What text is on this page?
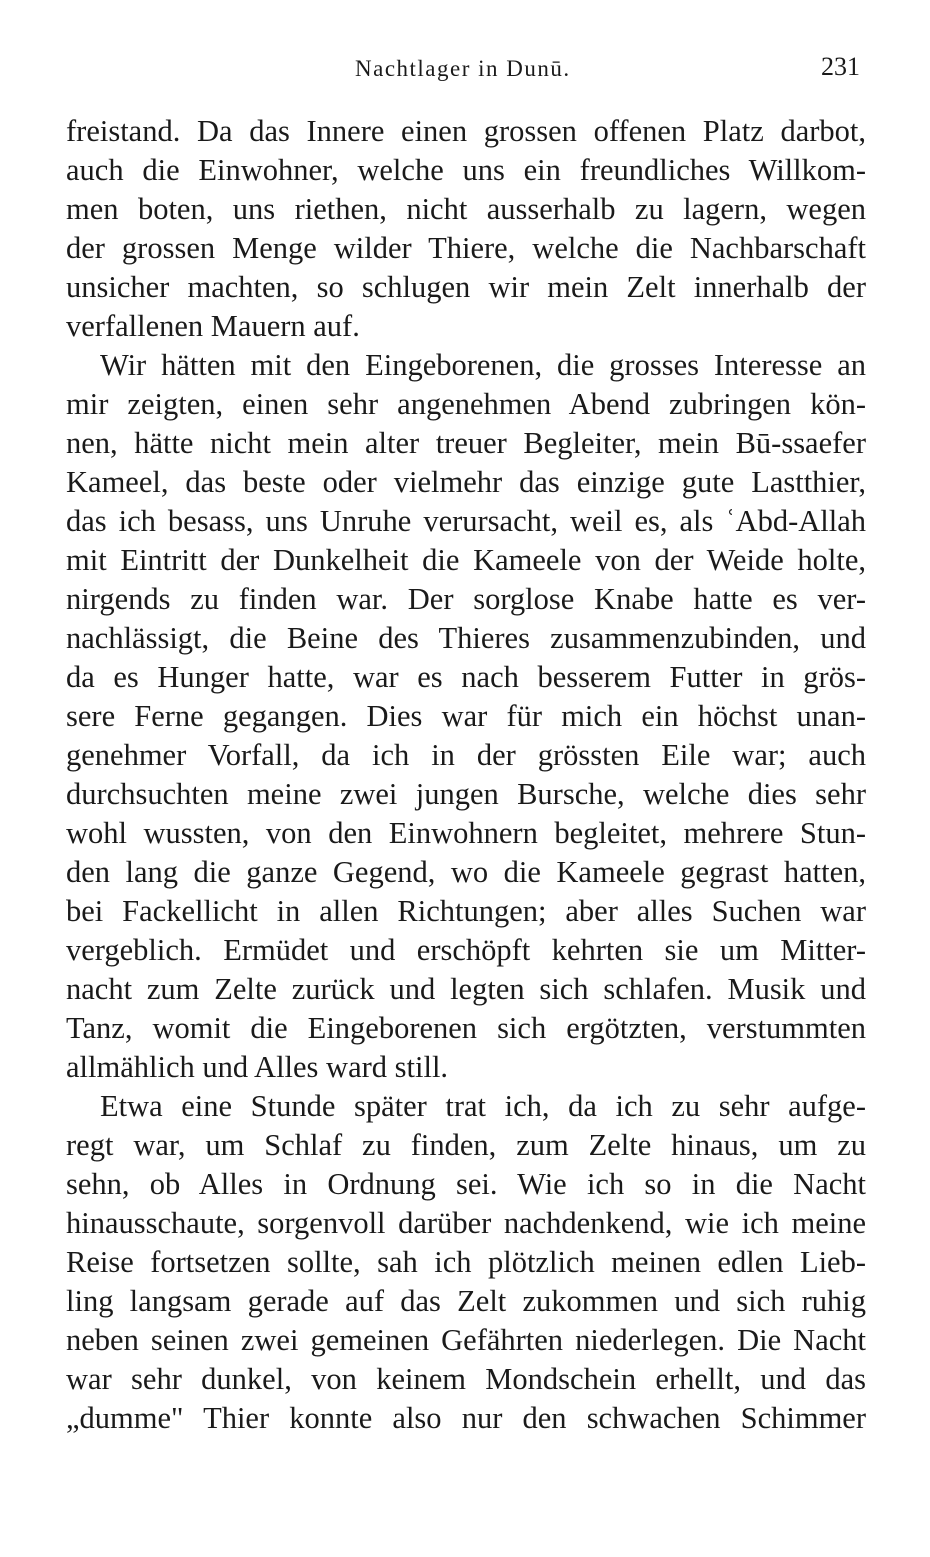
Nachtlager in Dunū.	231
freistand. Da das Innere einen grossen offenen Platz darbot,
auch die Einwohner, welche uns ein freundliches Willkom-
men boten, uns riethen, nicht ausserhalb zu lagern, wegen
der grossen Menge wilder Thiere, welche die Nachbarschaft
unsicher machten, so schlugen wir mein Zelt innerhalb der
verfallenen Mauern auf.
Wir hätten mit den Eingeborenen, die grosses Interesse an
mir zeigten, einen sehr angenehmen Abend zubringen kön-
nen, hätte nicht mein alter treuer Begleiter, mein Bū-ssaefer
Kameel, das beste oder vielmehr das einzige gute Lastthier,
das ich besass, uns Unruhe verursacht, weil es, als ʿAbd-Allah
mit Eintritt der Dunkelheit die Kameele von der Weide holte,
nirgends zu finden war. Der sorglose Knabe hatte es ver-
nachlässigt, die Beine des Thieres zusammenzubinden, und
da es Hunger hatte, war es nach besserem Futter in grös-
sere Ferne gegangen. Dies war für mich ein höchst unan-
genehmer Vorfall, da ich in der grössten Eile war; auch
durchsuchten meine zwei jungen Bursche, welche dies sehr
wohl wussten, von den Einwohnern begleitet, mehrere Stun-
den lang die ganze Gegend, wo die Kameele gegrast hatten,
bei Fackellicht in allen Richtungen; aber alles Suchen war
vergeblich. Ermüdet und erschöpft kehrten sie um Mitter-
nacht zum Zelte zurück und legten sich schlafen. Musik und
Tanz, womit die Eingeborenen sich ergötzten, verstummten
allmählich und Alles ward still.
Etwa eine Stunde später trat ich, da ich zu sehr aufge-
regt war, um Schlaf zu finden, zum Zelte hinaus, um zu
sehn, ob Alles in Ordnung sei. Wie ich so in die Nacht
hinausschaute, sorgenvoll darüber nachdenkend, wie ich meine
Reise fortsetzen sollte, sah ich plötzlich meinen edlen Lieb-
ling langsam gerade auf das Zelt zukommen und sich ruhig
neben seinen zwei gemeinen Gefährten niederlegen. Die Nacht
war sehr dunkel, von keinem Mondschein erhellt, und das
„dumme" Thier konnte also nur den schwachen Schimmer
